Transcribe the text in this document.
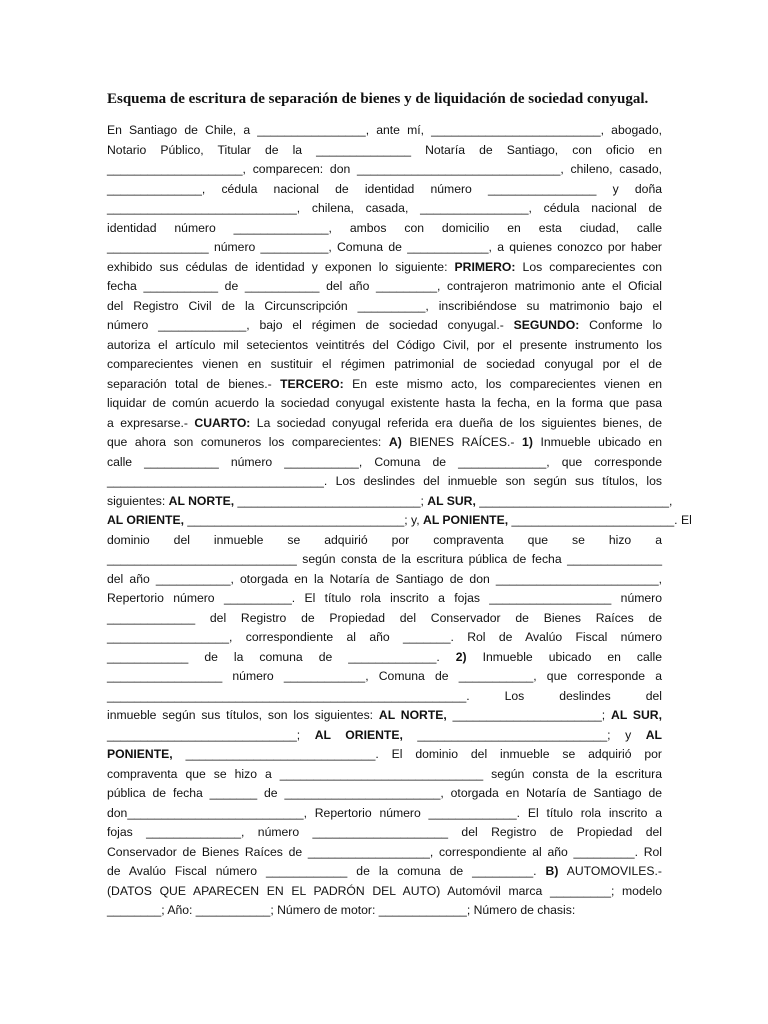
Esquema de escritura de separación de bienes y de liquidación de sociedad conyugal.
En Santiago de Chile, a ________________, ante mí, _________________________, abogado,
Notario Público, Titular de la ______________ Notaría de Santiago, con oficio en
____________________, comparecen: don ______________________________, chileno, casado,
______________, cédula nacional de identidad número ________________ y doña
____________________________, chilena, casada, ________________, cédula nacional de
identidad número ______________, ambos con domicilio en esta ciudad, calle
_______________ número __________, Comuna de ____________, a quienes conozco por haber
exhibido sus cédulas de identidad y exponen lo siguiente: PRIMERO: Los comparecientes con
fecha ___________ de ___________ del año _________, contrajeron matrimonio ante el Oficial
del Registro Civil de la Circunscripción __________, inscribiéndose su matrimonio bajo el
número _____________, bajo el régimen de sociedad conyugal.- SEGUNDO: Conforme lo
autoriza el artículo mil setecientos veintitrés del Código Civil, por el presente instrumento los
comparecientes vienen en sustituir el régimen patrimonial de sociedad conyugal por el de
separación total de bienes.- TERCERO: En este mismo acto, los comparecientes vienen en
liquidar de común acuerdo la sociedad conyugal existente hasta la fecha, en la forma que pasa
a expresarse.- CUARTO: La sociedad conyugal referida era dueña de los siguientes bienes, de
que ahora son comuneros los comparecientes: A) BIENES RAÍCES.- 1) Inmueble ubicado en
calle ___________ número ___________, Comuna de _____________, que corresponde
________________________________. Los deslindes del inmueble son según sus títulos, los
siguientes: AL NORTE, ___________________________; AL SUR, ____________________________,
AL ORIENTE, ________________________________; y, AL PONIENTE, ________________________. El
dominio del inmueble se adquirió por compraventa que se hizo a
____________________________ según consta de la escritura pública de fecha ______________
del año ___________, otorgada en la Notaría de Santiago de don ________________________,
Repertorio número __________. El título rola inscrito a fojas __________________ número
_____________ del Registro de Propiedad del Conservador de Bienes Raíces de
__________________, correspondiente al año _______. Rol de Avalúo Fiscal número
____________ de la comuna de _____________. 2) Inmueble ubicado en calle
_________________ número ____________, Comuna de ___________, que corresponde a
_____________________________________________________. Los deslindes del
inmueble según sus títulos, son los siguientes: AL NORTE, ______________________; AL SUR,
____________________________; AL ORIENTE, ____________________________; y AL
PONIENTE, ____________________________. El dominio del inmueble se adquirió por
compraventa que se hizo a ______________________________ según consta de la escritura
pública de fecha _______ de _______________________, otorgada en Notaría de Santiago de
don__________________________, Repertorio número _____________. El título rola inscrito a
fojas ______________, número ____________________ del Registro de Propiedad del
Conservador de Bienes Raíces de __________________, correspondiente al año _________. Rol
de Avalúo Fiscal número ____________ de la comuna de _________. B) AUTOMOVILES.-
(DATOS QUE APARECEN EN EL PADRÓN DEL AUTO) Automóvil marca _________; modelo
________; Año: ___________; Número de motor: _____________; Número de chasis:
